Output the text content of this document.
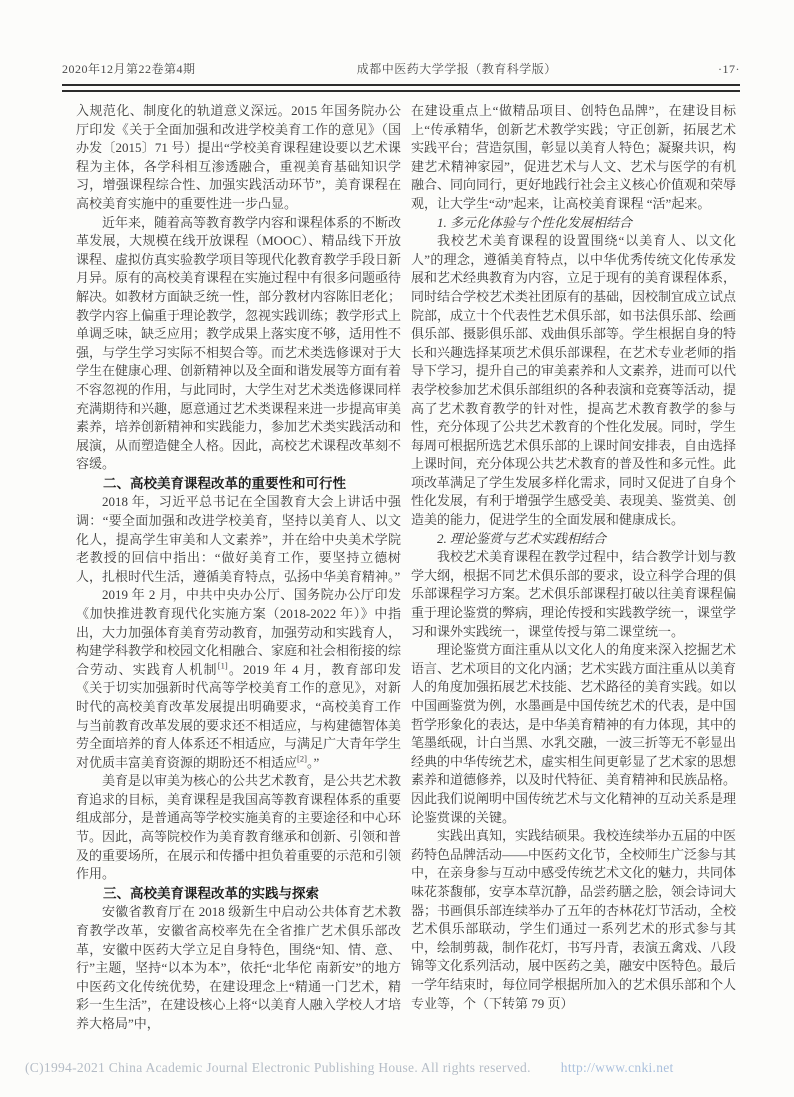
2020年12月第22卷第4期	成都中医药大学学报（教育科学版）	·17·

入规范化、制度化的轨道意义深远。2015 年国务院办公厅印发《关于全面加强和改进学校美育工作的意见》（国办发〔2015〕71 号）提出“学校美育课程建设要以艺术课程为主体，各学科相互渗透融合，重视美育基础知识学习，增强课程综合性、加强实践活动环节”，美育课程在高校美育实施中的重要性进一步凸显。

近年来，随着高等教育教学内容和课程体系的不断改革发展，大规模在线开放课程（MOOC）、精品线下开放课程、虚拟仿真实验教学项目等现代化教育教学手段日新月异。原有的高校美育课程在实施过程中有很多问题亟待解决。如教材方面缺乏统一性，部分教材内容陈旧老化；教学内容上偏重于理论教学，忽视实践训练；教学形式上单调乏味，缺乏应用；教学成果上落实度不够，适用性不强，与学生学习实际不相契合等。而艺术类选修课对于大学生在健康心理、创新精神以及全面和谐发展等方面有着不容忽视的作用，与此同时，大学生对艺术类选修课同样充满期待和兴趣，愿意通过艺术类课程来进一步提高审美素养，培养创新精神和实践能力，参加艺术类实践活动和展演，从而塑造健全人格。因此，高校艺术课程改革刻不容缓。

二、高校美育课程改革的重要性和可行性

2018 年，习近平总书记在全国教育大会上讲话中强调：“要全面加强和改进学校美育，坚持以美育人、以文化人，提高学生审美和人文素养”，并在给中央美术学院老教授的回信中指出：“做好美育工作，要坚持立德树人，扎根时代生活，遵循美育特点，弘扬中华美育精神。”

2019 年 2 月，中共中央办公厅、国务院办公厅印发《加快推进教育现代化实施方案（2018-2022 年）》中指出，大力加强体育美育劳动教育，加强劳动和实践育人，构建学科教学和校园文化相融合、家庭和社会相衔接的综合劳动、实践育人机制[1]。2019 年 4 月，教育部印发《关于切实加强新时代高等学校美育工作的意见》，对新时代的高校美育改革发展提出明确要求，“高校美育工作与当前教育改革发展的要求还不相适应，与构建德智体美劳全面培养的育人体系还不相适应，与满足广大青年学生对优质丰富美育资源的期盼还不相适应[2]。”

美育是以审美为核心的公共艺术教育，是公共艺术教育追求的目标，美育课程是我国高等教育课程体系的重要组成部分，是普通高等学校实施美育的主要途径和中心环节。因此，高等院校作为美育教育继承和创新、引领和普及的重要场所，在展示和传播中担负着重要的示范和引领作用。

三、高校美育课程改革的实践与探索

安徽省教育厅在 2018 级新生中启动公共体育艺术教育教学改革，安徽省高校率先在全省推广艺术俱乐部改革，安徽中医药大学立足自身特色，围绕“知、情、意、行”主题，坚持“以本为本”，依托“北华佗 南新安”的地方中医药文化传统优势，在建设理念上“精通一门艺术，精彩一生生活”，在建设核心上将“以美育人融入学校人才培养大格局”中，

在建设重点上“做精品项目、创特色品牌”，在建设目标上“传承精华，创新艺术教学实践；守正创新，拓展艺术实践平台；营造氛围，彰显以美育人特色；凝聚共识，构建艺术精神家园”，促进艺术与人文、艺术与医学的有机融合、同向同行，更好地践行社会主义核心价值观和荣辱观，让大学生“动”起来，让高校美育课程 “活”起来。

1. 多元化体验与个性化发展相结合

我校艺术美育课程的设置围绕“以美育人、以文化人”的理念，遵循美育特点，以中华优秀传统文化传承发展和艺术经典教育为内容，立足于现有的美育课程体系，同时结合学校艺术类社团原有的基础，因校制宜成立试点院部，成立十个代表性艺术俱乐部，如书法俱乐部、绘画俱乐部、摄影俱乐部、戏曲俱乐部等。学生根据自身的特长和兴趣选择某项艺术俱乐部课程，在艺术专业老师的指导下学习，提升自己的审美素养和人文素养，进而可以代表学校参加艺术俱乐部组织的各种表演和竞赛等活动，提高了艺术教育教学的针对性，提高艺术教育教学的参与性，充分体现了公共艺术教育的个性化发展。同时，学生每周可根据所选艺术俱乐部的上课时间安排表，自由选择上课时间，充分体现公共艺术教育的普及性和多元性。此项改革满足了学生发展多样化需求，同时又促进了自身个性化发展，有利于增强学生感受美、表现美、鉴赏美、创造美的能力，促进学生的全面发展和健康成长。

2. 理论鉴赏与艺术实践相结合

我校艺术美育课程在教学过程中，结合教学计划与教学大纲，根据不同艺术俱乐部的要求，设立科学合理的俱乐部课程学习方案。艺术俱乐部课程打破以往美育课程偏重于理论鉴赏的弊病，理论传授和实践教学统一，课堂学习和课外实践统一，课堂传授与第二课堂统一。

理论鉴赏方面注重从以文化人的角度来深入挖掘艺术语言、艺术项目的文化内涵；艺术实践方面注重从以美育人的角度加强拓展艺术技能、艺术路径的美育实践。如以中国画鉴赏为例，水墨画是中国传统艺术的代表，是中国哲学形象化的表达，是中华美育精神的有力体现，其中的笔墨纸砚，计白当黑、水乳交融，一波三折等无不彰显出经典的中华传统艺术，虚实相生间更彰显了艺术家的思想素养和道德修养，以及时代特征、美育精神和民族品格。因此我们说阐明中国传统艺术与文化精神的互动关系是理论鉴赏课的关键。

实践出真知，实践结硕果。我校连续举办五届的中医药特色品牌活动——中医药文化节，全校师生广泛参与其中，在亲身参与互动中感受传统艺术文化的魅力，共同体味花茶馥郁，安享本草沉静，品尝药膳之脍，领会诗词大器；书画俱乐部连续举办了五年的杏林花灯节活动，全校艺术俱乐部联动，学生们通过一系列艺术的形式参与其中，绘制剪裁，制作花灯，书写丹青，表演五禽戏、八段锦等文化系列活动，展中医药之美，融安中医特色。最后一学年结束时，每位同学根据所加入的艺术俱乐部和个人专业等，个（下转第 79 页）

(C)1994-2021 China Academic Journal Electronic Publishing House. All rights reserved. http://www.cnki.net
